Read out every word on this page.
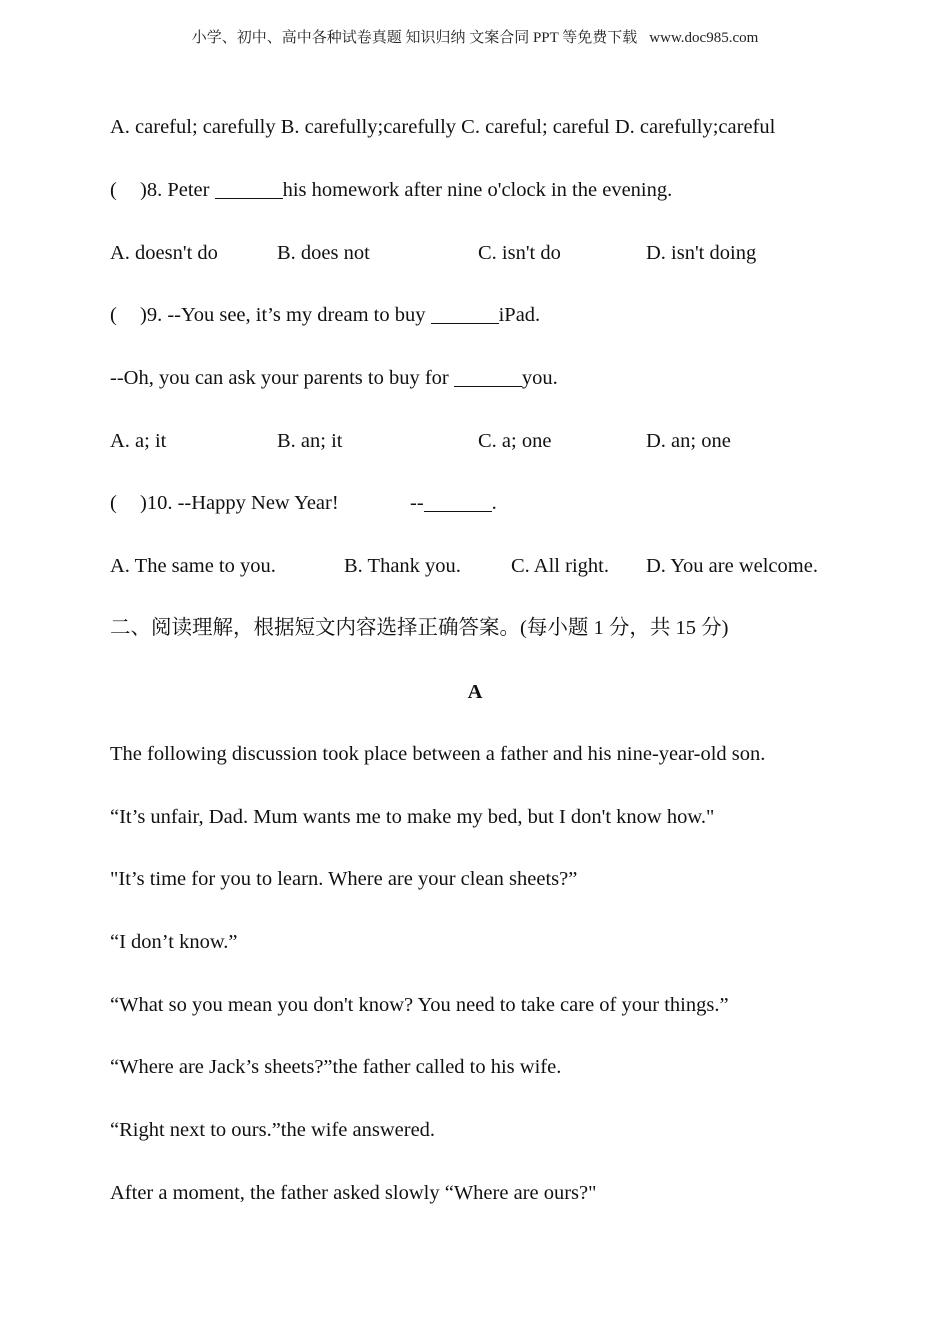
小学、初中、高中各种试卷真题 知识归纳 文案合同 PPT 等免费下载 www.doc985.com
A. careful; carefully B. carefully;carefully C. careful; careful D. carefully;careful
( )8. Peter	his homework after nine o'clock in the evening.
A. doesn't do	B. does not	C. isn't do	D. isn't doing
( )9. --You see, it’s my dream to buy	iPad.
--Oh, you can ask your parents to buy for	you.
A. a; it	B. an; it	C. a; one	D. an; one
( )10. --Happy New Year!	--	.
A. The same to you.	B. Thank you. C. All right. D. You are welcome.
二、阅读理解，根据短文内容选择正确答案。(每小题 1 分，共 15 分)
A
The following discussion took place between a father and his nine-year-old son.
“It’s unfair, Dad. Mum wants me to make my bed, but I don't know how."
"It’s time for you to learn. Where are your clean sheets?”
“I don’t know.”
“What so you mean you don't know? You need to take care of your things.”
“Where are Jack’s sheets?”the father called to his wife.
“Right next to ours.”the wife answered.
After a moment, the father asked slowly “Where are ours?"
